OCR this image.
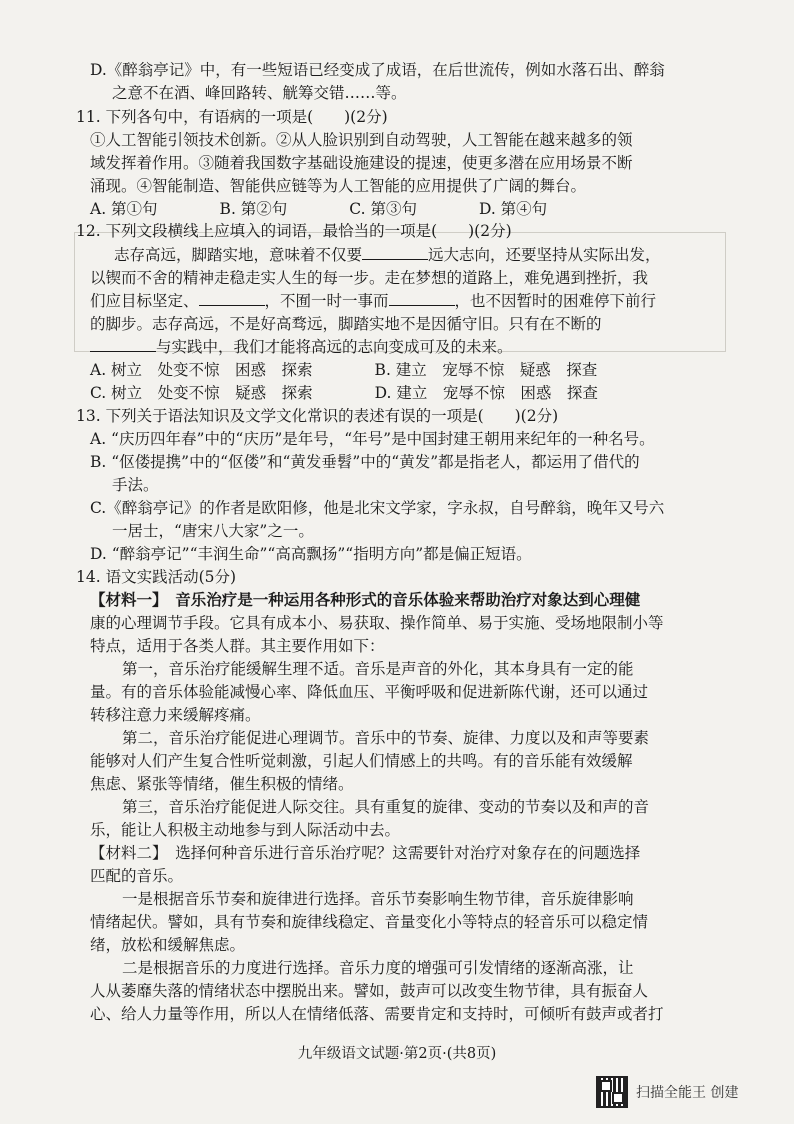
D.《醉翁亭记》中，有一些短语已经变成了成语，在后世流传，例如水落石出、醉翁
之意不在酒、峰回路转、觥筹交错……等。
11. 下列各句中，有语病的一项是(　　)(2分)
①人工智能引领技术创新。②从人脸识别到自动驾驶，人工智能在越来越多的领
域发挥着作用。③随着我国数字基础设施建设的提速，使更多潜在应用场景不断
涌现。④智能制造、智能供应链等为人工智能的应用提供了广阔的舞台。
A. 第①句　　　　B. 第②句　　　　C. 第③句　　　　D. 第④句
12. 下列文段横线上应填入的词语，最恰当的一项是(　　)(2分)
志存高远，脚踏实地，意味着不仅要	远大志向，还要坚持从实际出发，
以锲而不舍的精神走稳走实人生的每一步。走在梦想的道路上，难免遇到挫折，我
们应目标坚定、	，不囿一时一事而	，也不因暂时的困难停下前行
的脚步。志存高远，不是好高骛远，脚踏实地不是因循守旧。只有在不断的
与实践中，我们才能将高远的志向变成可及的未来。
A. 树立　处变不惊　困惑　探索　　　　B. 建立　宠辱不惊　疑惑　探查
C. 树立　处变不惊　疑惑　探索　　　　D. 建立　宠辱不惊　困惑　探查
13. 下列关于语法知识及文学文化常识的表述有误的一项是(　　)(2分)
A. “庆历四年春”中的“庆历”是年号，“年号”是中国封建王朝用来纪年的一种名号。
B. “伛偻提携”中的“伛偻”和“黄发垂髫”中的“黄发”都是指老人，都运用了借代的
手法。
C.《醉翁亭记》的作者是欧阳修，他是北宋文学家，字永叔，自号醉翁，晚年又号六
一居士，“唐宋八大家”之一。
D. “醉翁亭记”“丰润生命”“高高飘扬”“指明方向”都是偏正短语。
14. 语文实践活动(5分)
【材料一】　音乐治疗是一种运用各种形式的音乐体验来帮助治疗对象达到心理健
康的心理调节手段。它具有成本小、易获取、操作简单、易于实施、受场地限制小等
特点，适用于各类人群。其主要作用如下：
第一，音乐治疗能缓解生理不适。音乐是声音的外化，其本身具有一定的能
量。有的音乐体验能减慢心率、降低血压、平衡呼吸和促进新陈代谢，还可以通过
转移注意力来缓解疼痛。
第二，音乐治疗能促进心理调节。音乐中的节奏、旋律、力度以及和声等要素
能够对人们产生复合性听觉刺激，引起人们情感上的共鸣。有的音乐能有效缓解
焦虑、紧张等情绪，催生积极的情绪。
第三，音乐治疗能促进人际交往。具有重复的旋律、变动的节奏以及和声的音
乐，能让人积极主动地参与到人际活动中去。
【材料二】　选择何种音乐进行音乐治疗呢？这需要针对治疗对象存在的问题选择
匹配的音乐。
一是根据音乐节奏和旋律进行选择。音乐节奏影响生物节律，音乐旋律影响
情绪起伏。譬如，具有节奏和旋律线稳定、音量变化小等特点的轻音乐可以稳定情
绪，放松和缓解焦虑。
二是根据音乐的力度进行选择。音乐力度的增强可引发情绪的逐渐高涨，让
人从萎靡失落的情绪状态中摆脱出来。譬如，鼓声可以改变生物节律，具有振奋人
心、给人力量等作用，所以人在情绪低落、需要肯定和支持时，可倾听有鼓声或者打
九年级语文试题·第2页·(共8页)
扫描全能王 创建
